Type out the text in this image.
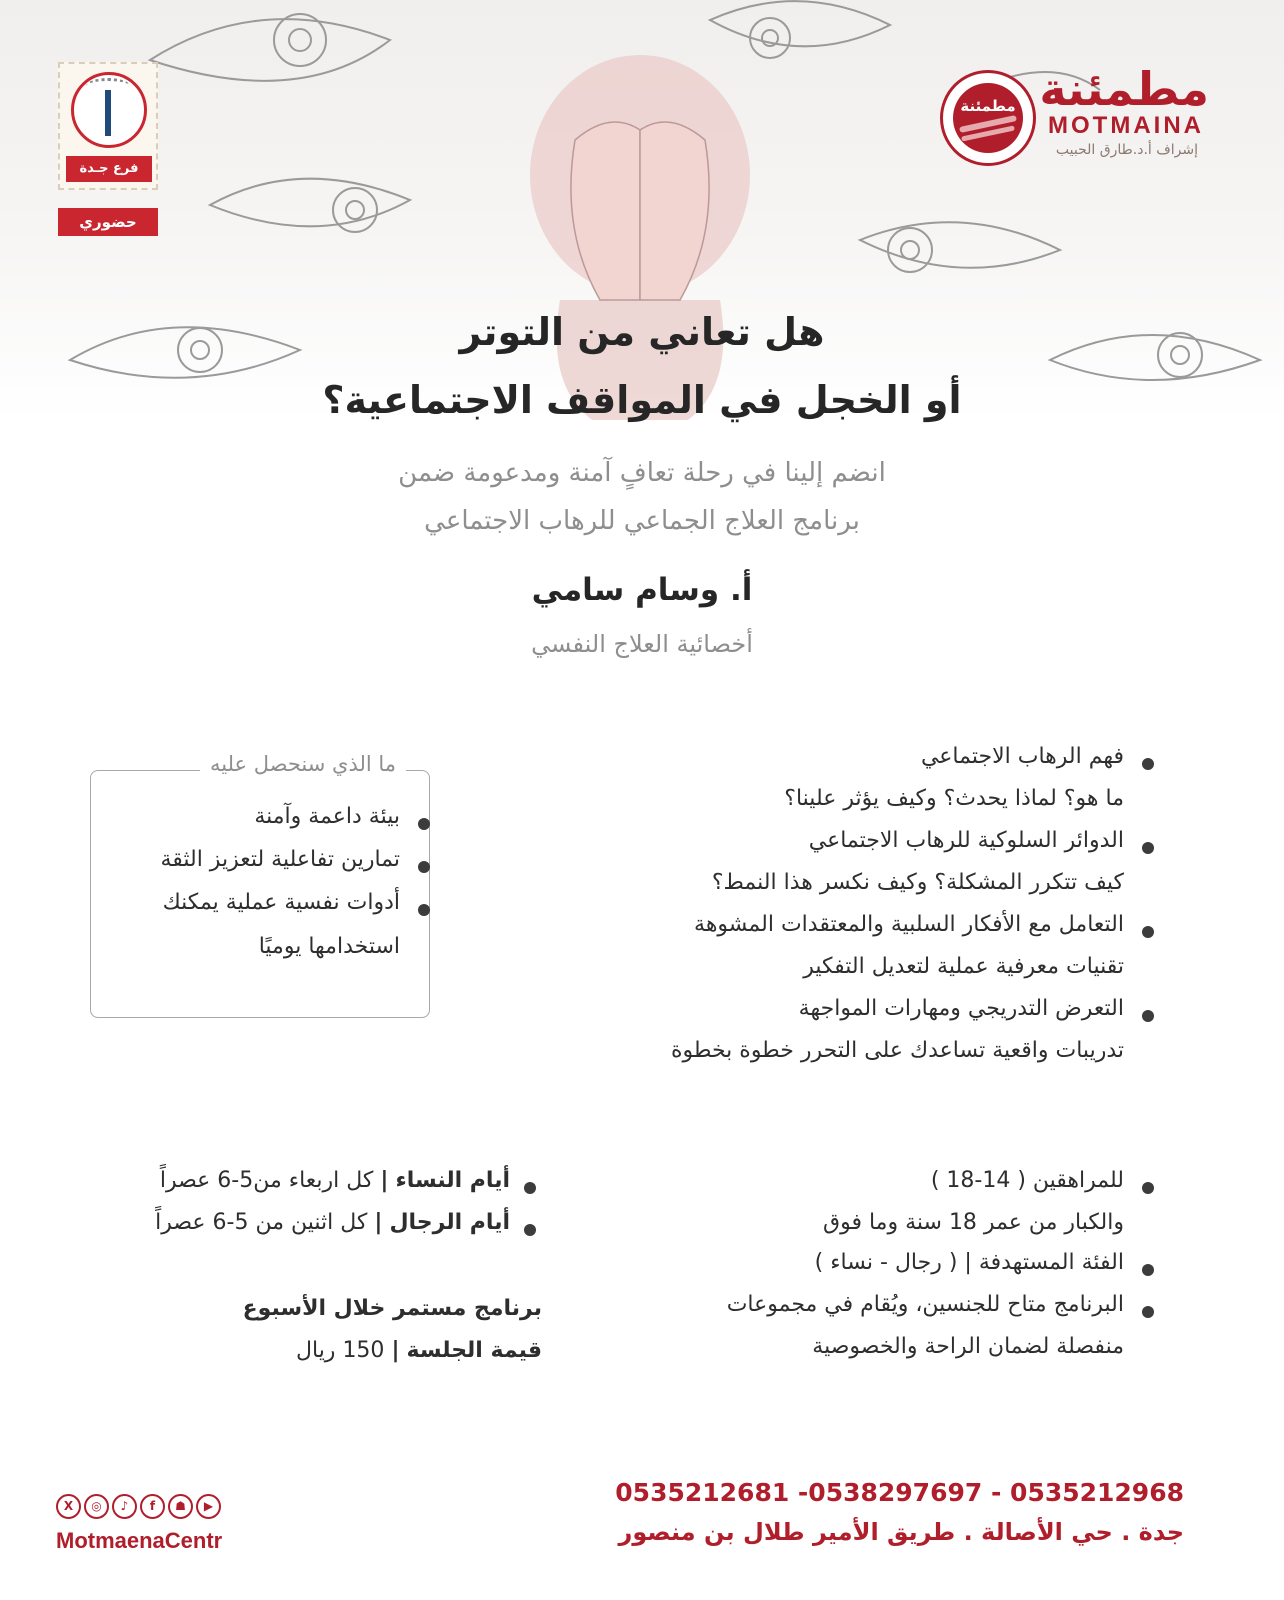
مطمئنة مطمئنة
MOTMAINA
إشراف أ.د.طارق الحبيب
فرع جـدة
حضوري
هل تعاني من التوتر
أو الخجل في المواقف الاجتماعية؟
انضم إلينا في رحلة تعافٍ آمنة ومدعومة ضمن
برنامج العلاج الجماعي للرهاب الاجتماعي
أ. وسام سامي
أخصائية العلاج النفسي
فهم الرهاب الاجتماعي
ما هو؟ لماذا يحدث؟ وكيف يؤثر علينا؟
الدوائر السلوكية للرهاب الاجتماعي
كيف تتكرر المشكلة؟ وكيف نكسر هذا النمط؟
التعامل مع الأفكار السلبية والمعتقدات المشوهة
تقنيات معرفية عملية لتعديل التفكير
التعرض التدريجي ومهارات المواجهة
تدريبات واقعية تساعدك على التحرر خطوة بخطوة
ما الذي سنحصل عليه
بيئة داعمة وآمنة
تمارين تفاعلية لتعزيز الثقة
أدوات نفسية عملية يمكنك
استخدامها يوميًا
للمراهقين ( 14-18 )
والكبار من عمر 18 سنة وما فوق
الفئة المستهدفة | ( رجال - نساء )
البرنامج متاح للجنسين، ويُقام في مجموعات
منفصلة لضمان الراحة والخصوصية
أيام النساء | كل اربعاء من5-6 عصراً
أيام الرجال | كل اثنين من 5-6 عصراً
برنامج مستمر خلال الأسبوع
قيمة الجلسة | 150 ريال
0535212681 -0538297697 - 0535212968
جدة . حي الأصالة . طريق الأمير طلال بن منصور
X ◎ ♪ f ☗ ▶
MotmaenaCentr
